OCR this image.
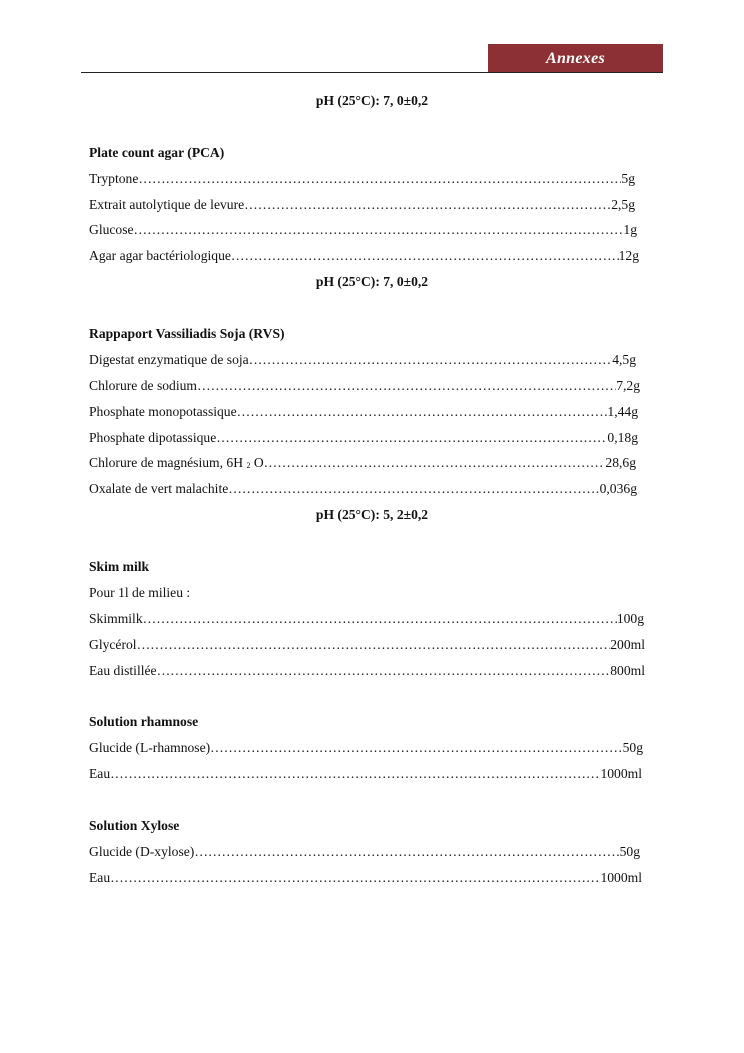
Annexes
pH (25°C): 7, 0±0,2
Plate count agar (PCA)
Tryptone ……………………………………………………………………………………………………………………………………………………………	5g
Extrait autolytique de levure ……………………………………………………………………………………………………………………………………………………………	2,5g
Glucose ……………………………………………………………………………………………………………………………………………………………	1g
Agar agar bactériologique ……………………………………………………………………………………………………………………………………………………………	12g
pH (25°C): 7, 0±0,2
Rappaport Vassiliadis Soja (RVS)
Digestat enzymatique de soja ……………………………………………………………………………………………………………………………………………………………	4,5g
Chlorure de sodium ……………………………………………………………………………………………………………………………………………………………	7,2g
Phosphate monopotassique ……………………………………………………………………………………………………………………………………………………………	1,44g
Phosphate dipotassique ……………………………………………………………………………………………………………………………………………………………	0,18g
Chlorure de magnésium, 6H 2 O ……………………………………………………………………………………………………………………………………………………………	28,6g
Oxalate de vert malachite ……………………………………………………………………………………………………………………………………………………………	0,036g
pH (25°C): 5, 2±0,2
Skim milk
Pour 1l de milieu :
Skimmilk ……………………………………………………………………………………………………………………………………………………………	100g
Glycérol ……………………………………………………………………………………………………………………………………………………………	200ml
Eau distillée ……………………………………………………………………………………………………………………………………………………………	800ml
Solution rhamnose
Glucide (L-rhamnose) ……………………………………………………………………………………………………………………………………………………………	50g
Eau ……………………………………………………………………………………………………………………………………………………………	1000ml
Solution Xylose
Glucide (D-xylose) ……………………………………………………………………………………………………………………………………………………………	50g
Eau ……………………………………………………………………………………………………………………………………………………………	1000ml
